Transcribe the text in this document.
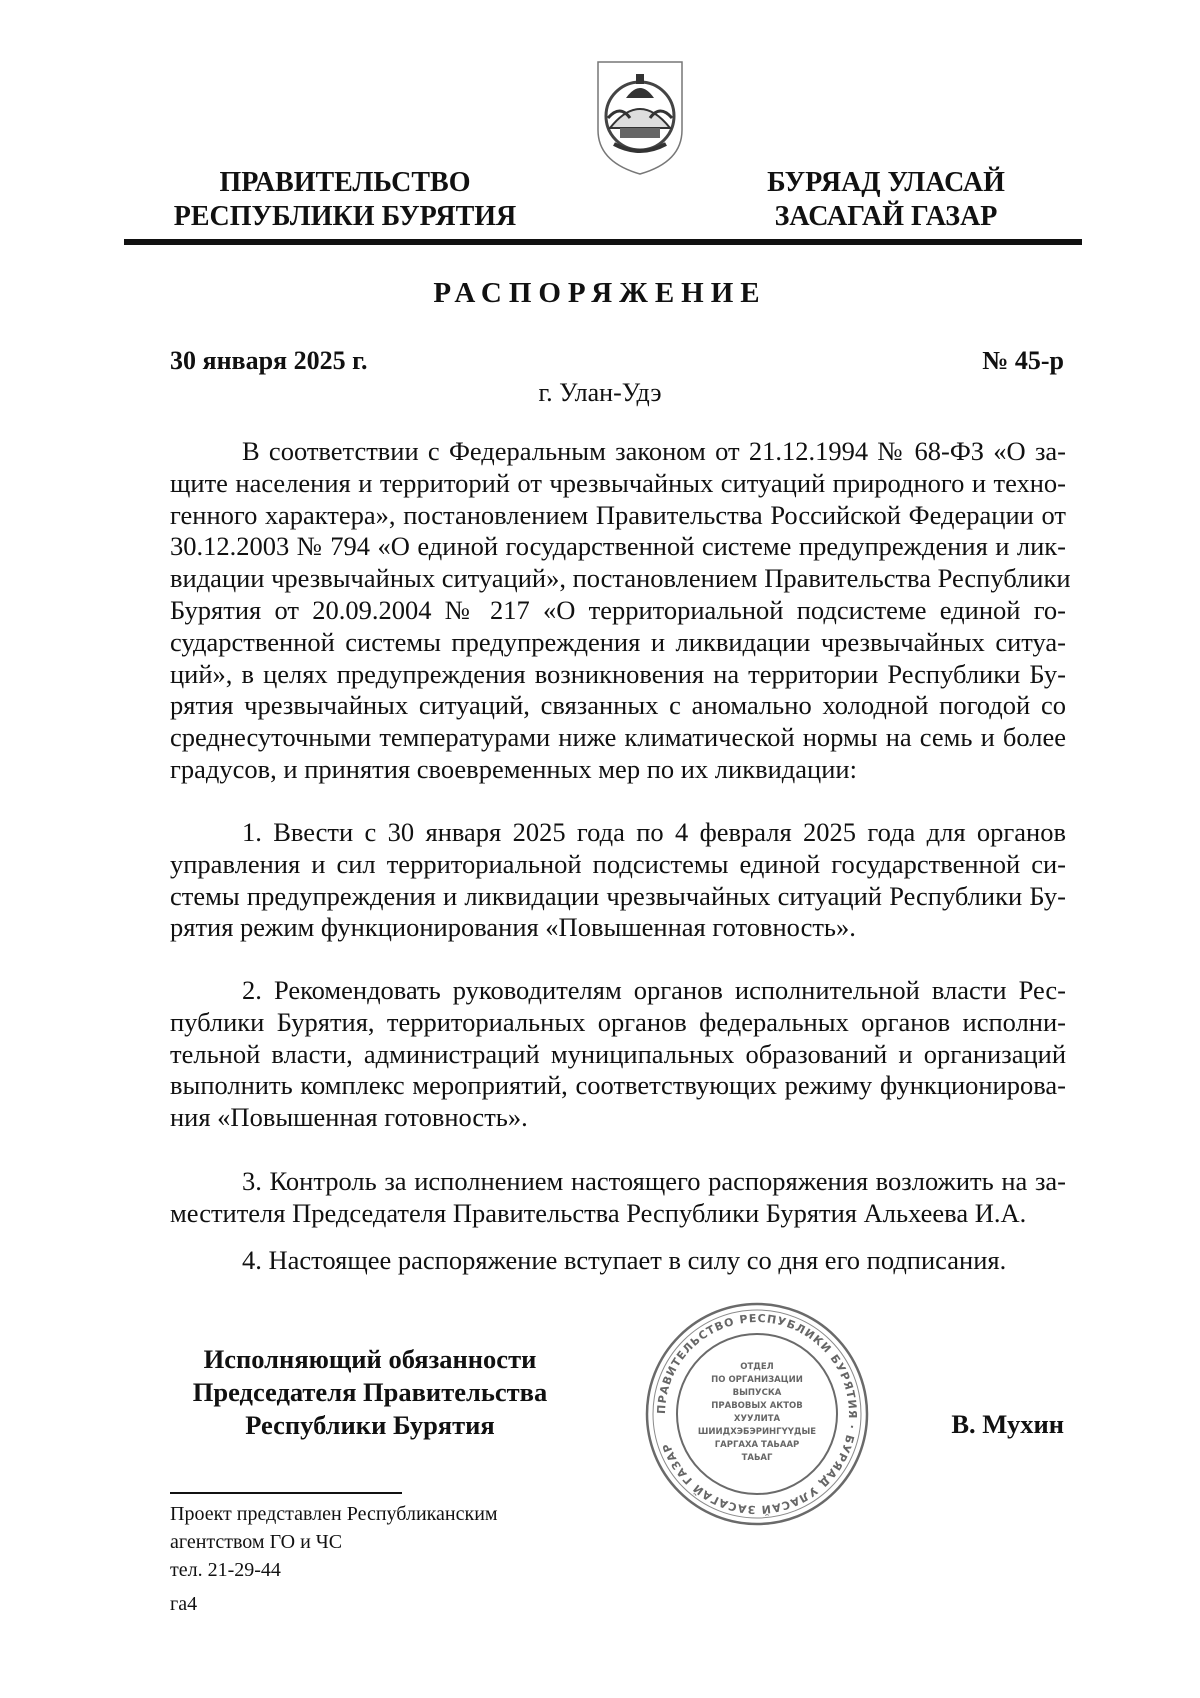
ПРАВИТЕЛЬСТВО
РЕСПУБЛИКИ БУРЯТИЯ
БУРЯАД УЛАСАЙ
ЗАСАГАЙ ГАЗАР
РАСПОРЯЖЕНИЕ
30 января 2025 г.	№ 45-р
г. Улан-Удэ
В соответствии с Федеральным законом от 21.12.1994 № 68-ФЗ «О за-
щите населения и территорий от чрезвычайных ситуаций природного и техно-
генного характера», постановлением Правительства Российской Федерации от
30.12.2003 № 794 «О единой государственной системе предупреждения и лик-
видации чрезвычайных ситуаций», постановлением Правительства Республики
Бурятия от 20.09.2004 № 217 «О территориальной подсистеме единой го-
сударственной системы предупреждения и ликвидации чрезвычайных ситуа-
ций», в целях предупреждения возникновения на территории Республики Бу-
рятия чрезвычайных ситуаций, связанных с аномально холодной погодой со
среднесуточными температурами ниже климатической нормы на семь и более
градусов, и принятия своевременных мер по их ликвидации:
1. Ввести с 30 января 2025 года по 4 февраля 2025 года для органов
управления и сил территориальной подсистемы единой государственной си-
стемы предупреждения и ликвидации чрезвычайных ситуаций Республики Бу-
рятия режим функционирования «Повышенная готовность».
2. Рекомендовать руководителям органов исполнительной власти Рес-
публики Бурятия, территориальных органов федеральных органов исполни-
тельной власти, администраций муниципальных образований и организаций
выполнить комплекс мероприятий, соответствующих режиму функционирова-
ния «Повышенная готовность».
3. Контроль за исполнением настоящего распоряжения возложить на за-
местителя Председателя Правительства Республики Бурятия Альхеева И.А.
4. Настоящее распоряжение вступает в силу со дня его подписания.
ПРАВИТЕЛЬСТВО РЕСПУБЛИКИ БУРЯТИЯ · БУРЯАД УЛАСАЙ ЗАСАГАЙ ГАЗАР
ОТДЕЛ
ПО ОРГАНИЗАЦИИ
ВЫПУСКА
ПРАВОВЫХ АКТОВ
ХУУЛИТА
ШИИДХЭБЭРИНГҮҮДЫЕ
ГАРГАХА ТАЬААР
ТАЬАГ
Исполняющий обязанности
Председателя Правительства
Республики Бурятия	В. Мухин
Проект представлен Республиканским
агентством ГО и ЧС
тел. 21-29-44
га4
